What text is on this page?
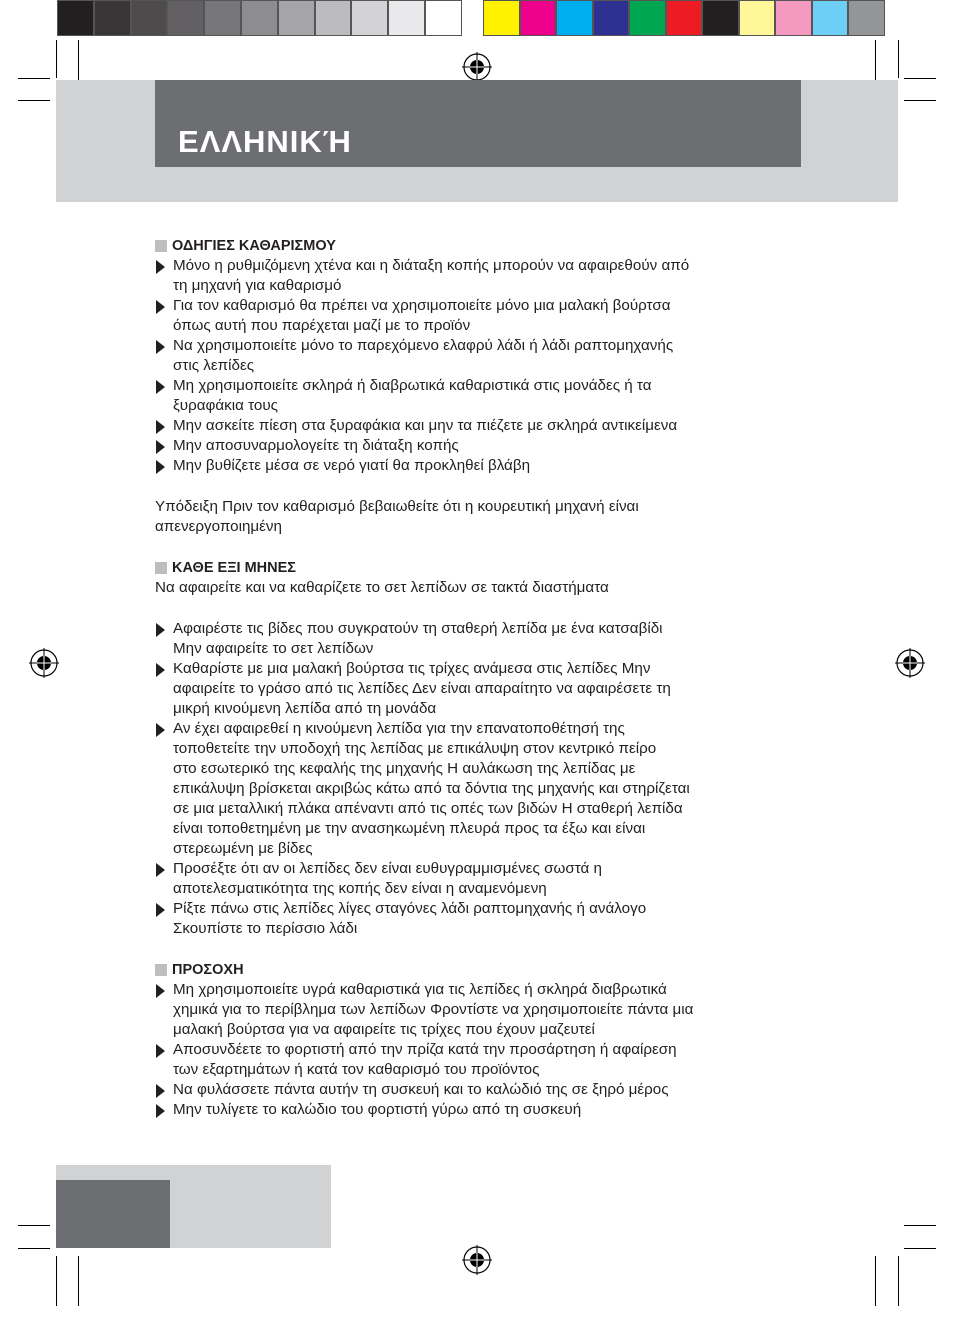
ΕΛΛΗΝΙΚΉ
ΟΔΗΓΙΕΣ ΚΑΘΑΡΙΣΜΟΥ
Μόνο η ρυθμιζόμενη χτένα και η διάταξη κοπής μπορούν να αφαιρεθούν από
τη μηχανή για καθαρισμό
Για τον καθαρισμό θα πρέπει να χρησιμοποιείτε μόνο μια μαλακή βούρτσα
όπως αυτή που παρέχεται μαζί με το προϊόν
Να χρησιμοποιείτε μόνο το παρεχόμενο ελαφρύ λάδι ή λάδι ραπτομηχανής
στις λεπίδες
Μη χρησιμοποιείτε σκληρά ή διαβρωτικά καθαριστικά στις μονάδες ή τα
ξυραφάκια τους
Μην ασκείτε πίεση στα ξυραφάκια και μην τα πιέζετε με σκληρά αντικείμενα
Μην αποσυναρμολογείτε τη διάταξη κοπής
Μην βυθίζετε μέσα σε νερό γιατί θα προκληθεί βλάβη
Υπόδειξη Πριν τον καθαρισμό βεβαιωθείτε ότι η κουρευτική μηχανή είναι
απενεργοποιημένη
ΚΑΘΕ ΕΞΙ ΜΗΝΕΣ

Να αφαιρείτε και να καθαρίζετε το σετ λεπίδων σε τακτά διαστήματα

Αφαιρέστε τις βίδες που συγκρατούν τη σταθερή λεπίδα με ένα κατσαβίδι
Μην αφαιρείτε το σετ λεπίδων
Καθαρίστε με μια μαλακή βούρτσα τις τρίχες ανάμεσα στις λεπίδες Μην
αφαιρείτε το γράσο από τις λεπίδες Δεν είναι απαραίτητο να αφαιρέσετε τη
μικρή κινούμενη λεπίδα από τη μονάδα
Αν έχει αφαιρεθεί η κινούμενη λεπίδα για την επανατοποθέτησή της
τοποθετείτε την υποδοχή της λεπίδας με επικάλυψη στον κεντρικό πείρο
στο εσωτερικό της κεφαλής της μηχανής Η αυλάκωση της λεπίδας με
επικάλυψη βρίσκεται ακριβώς κάτω από τα δόντια της μηχανής και στηρίζεται
σε μια μεταλλική πλάκα απέναντι από τις οπές των βιδών Η σταθερή λεπίδα
είναι τοποθετημένη με την ανασηκωμένη πλευρά προς τα έξω και είναι
στερεωμένη με βίδες
Προσέξτε ότι αν οι λεπίδες δεν είναι ευθυγραμμισμένες σωστά η
αποτελεσματικότητα της κοπής δεν είναι η αναμενόμενη
Ρίξτε πάνω στις λεπίδες λίγες σταγόνες λάδι ραπτομηχανής ή ανάλογο
Σκουπίστε το περίσσιο λάδι
ΠΡΟΣΟΧΗ
Μη χρησιμοποιείτε υγρά καθαριστικά για τις λεπίδες ή σκληρά διαβρωτικά
χημικά για το περίβλημα των λεπίδων Φροντίστε να χρησιμοποιείτε πάντα μια
μαλακή βούρτσα για να αφαιρείτε τις τρίχες που έχουν μαζευτεί
Αποσυνδέετε το φορτιστή από την πρίζα κατά την προσάρτηση ή αφαίρεση
των εξαρτημάτων ή κατά τον καθαρισμό του προϊόντος
Να φυλάσσετε πάντα αυτήν τη συσκευή και το καλώδιό της σε ξηρό μέρος
Μην τυλίγετε το καλώδιο του φορτιστή γύρω από τη συσκευή
